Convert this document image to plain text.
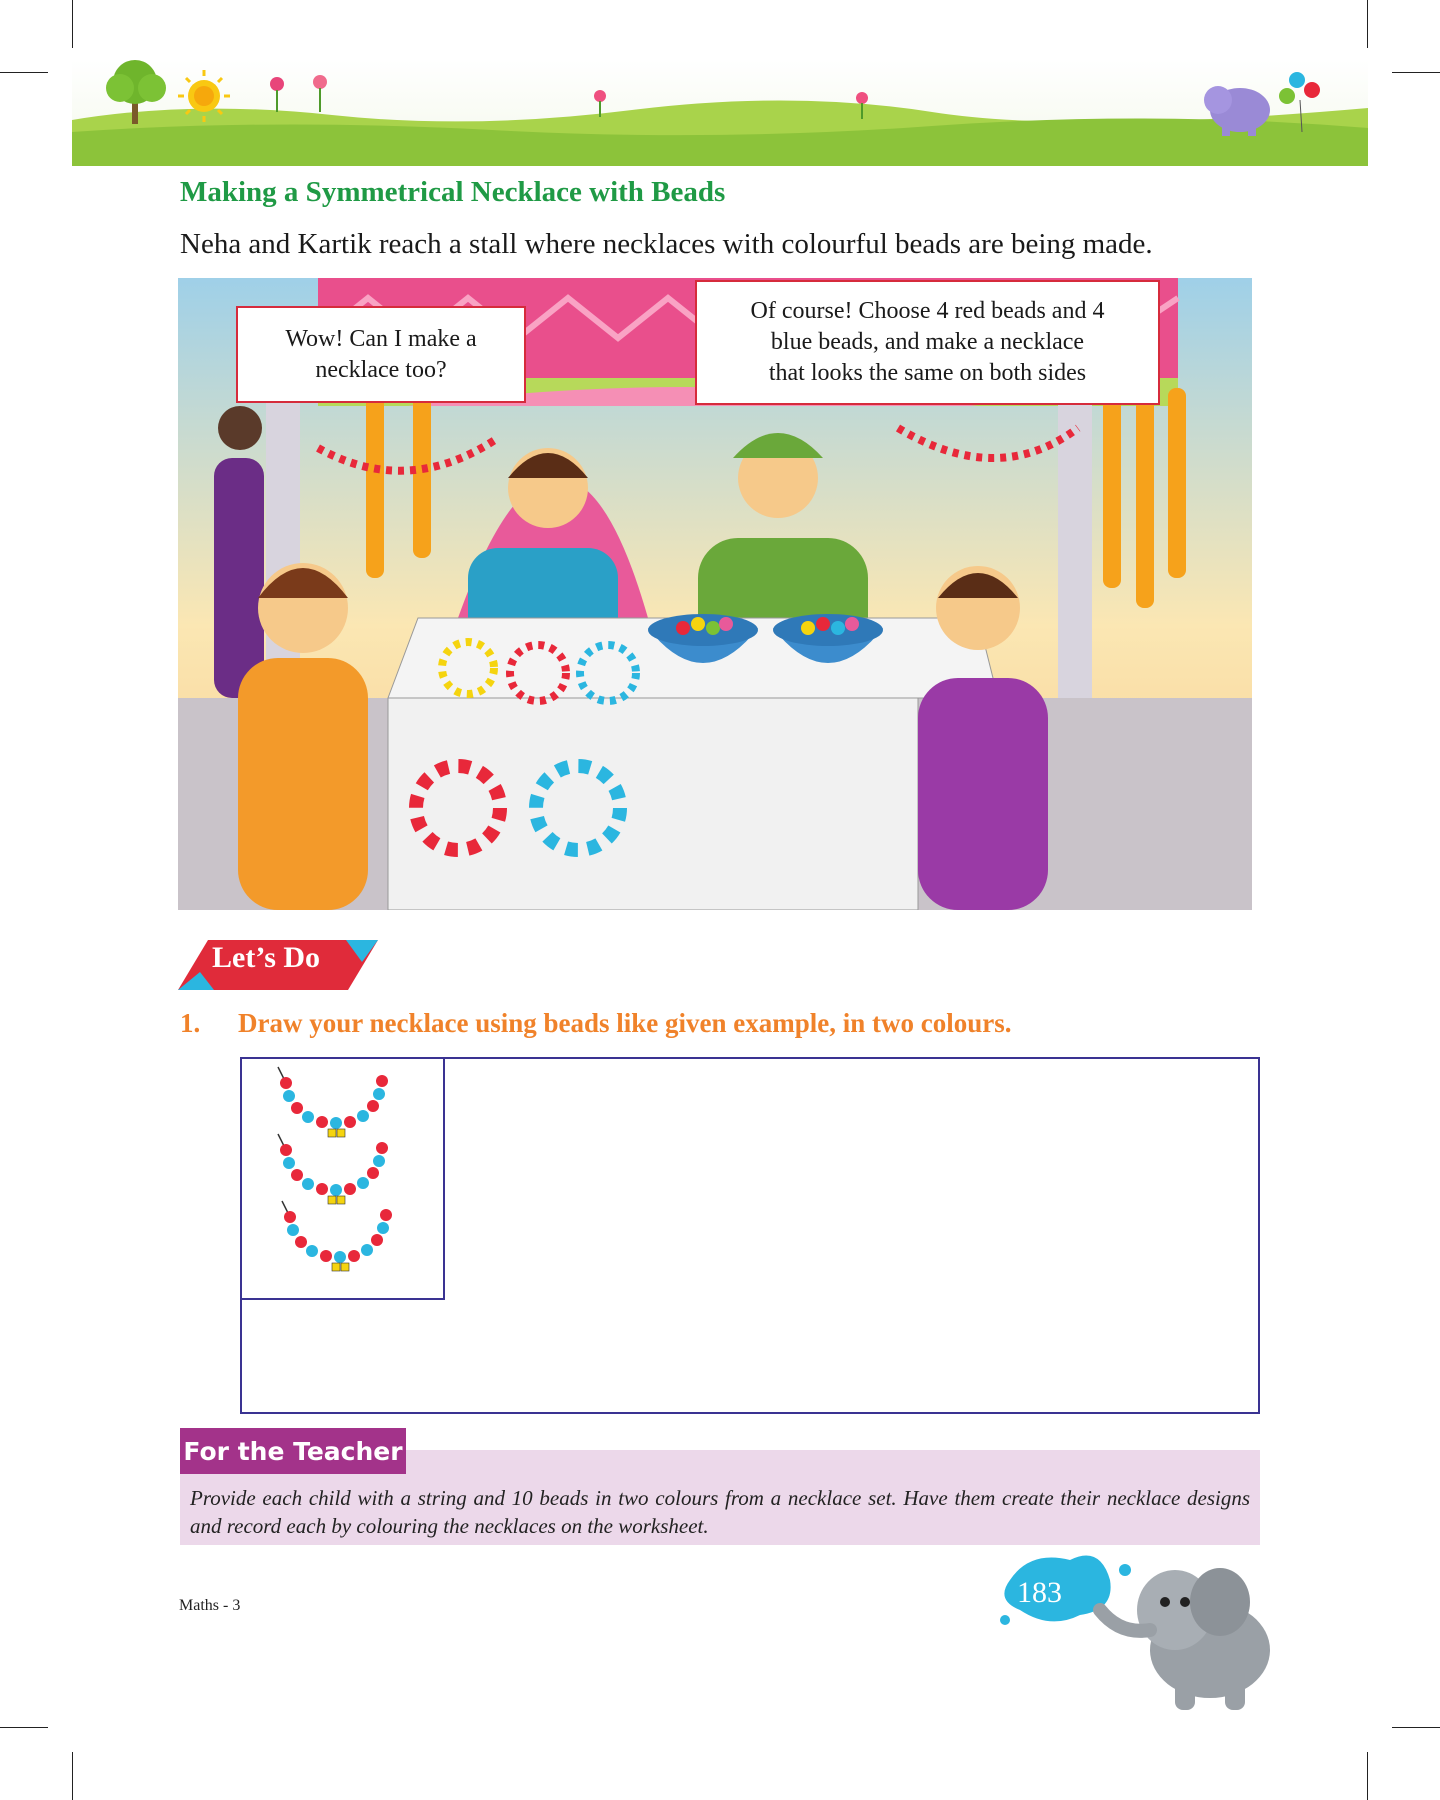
Making a Symmetrical Necklace with Beads

Neha and Kartik reach a stall where necklaces with colourful beads are being made.

Wow! Can I make a
necklace too?
Of course! Choose 4 red beads and 4
blue beads, and make a necklace
that looks the same on both sides
Let’s Do
1. Draw your necklace using beads like given example, in two colours.
For the Teacher

Provide each child with a string and 10 beads in two colours from a necklace set. Have them create their necklace designs and record each by colouring the necklaces on the worksheet.

Maths - 3	183
